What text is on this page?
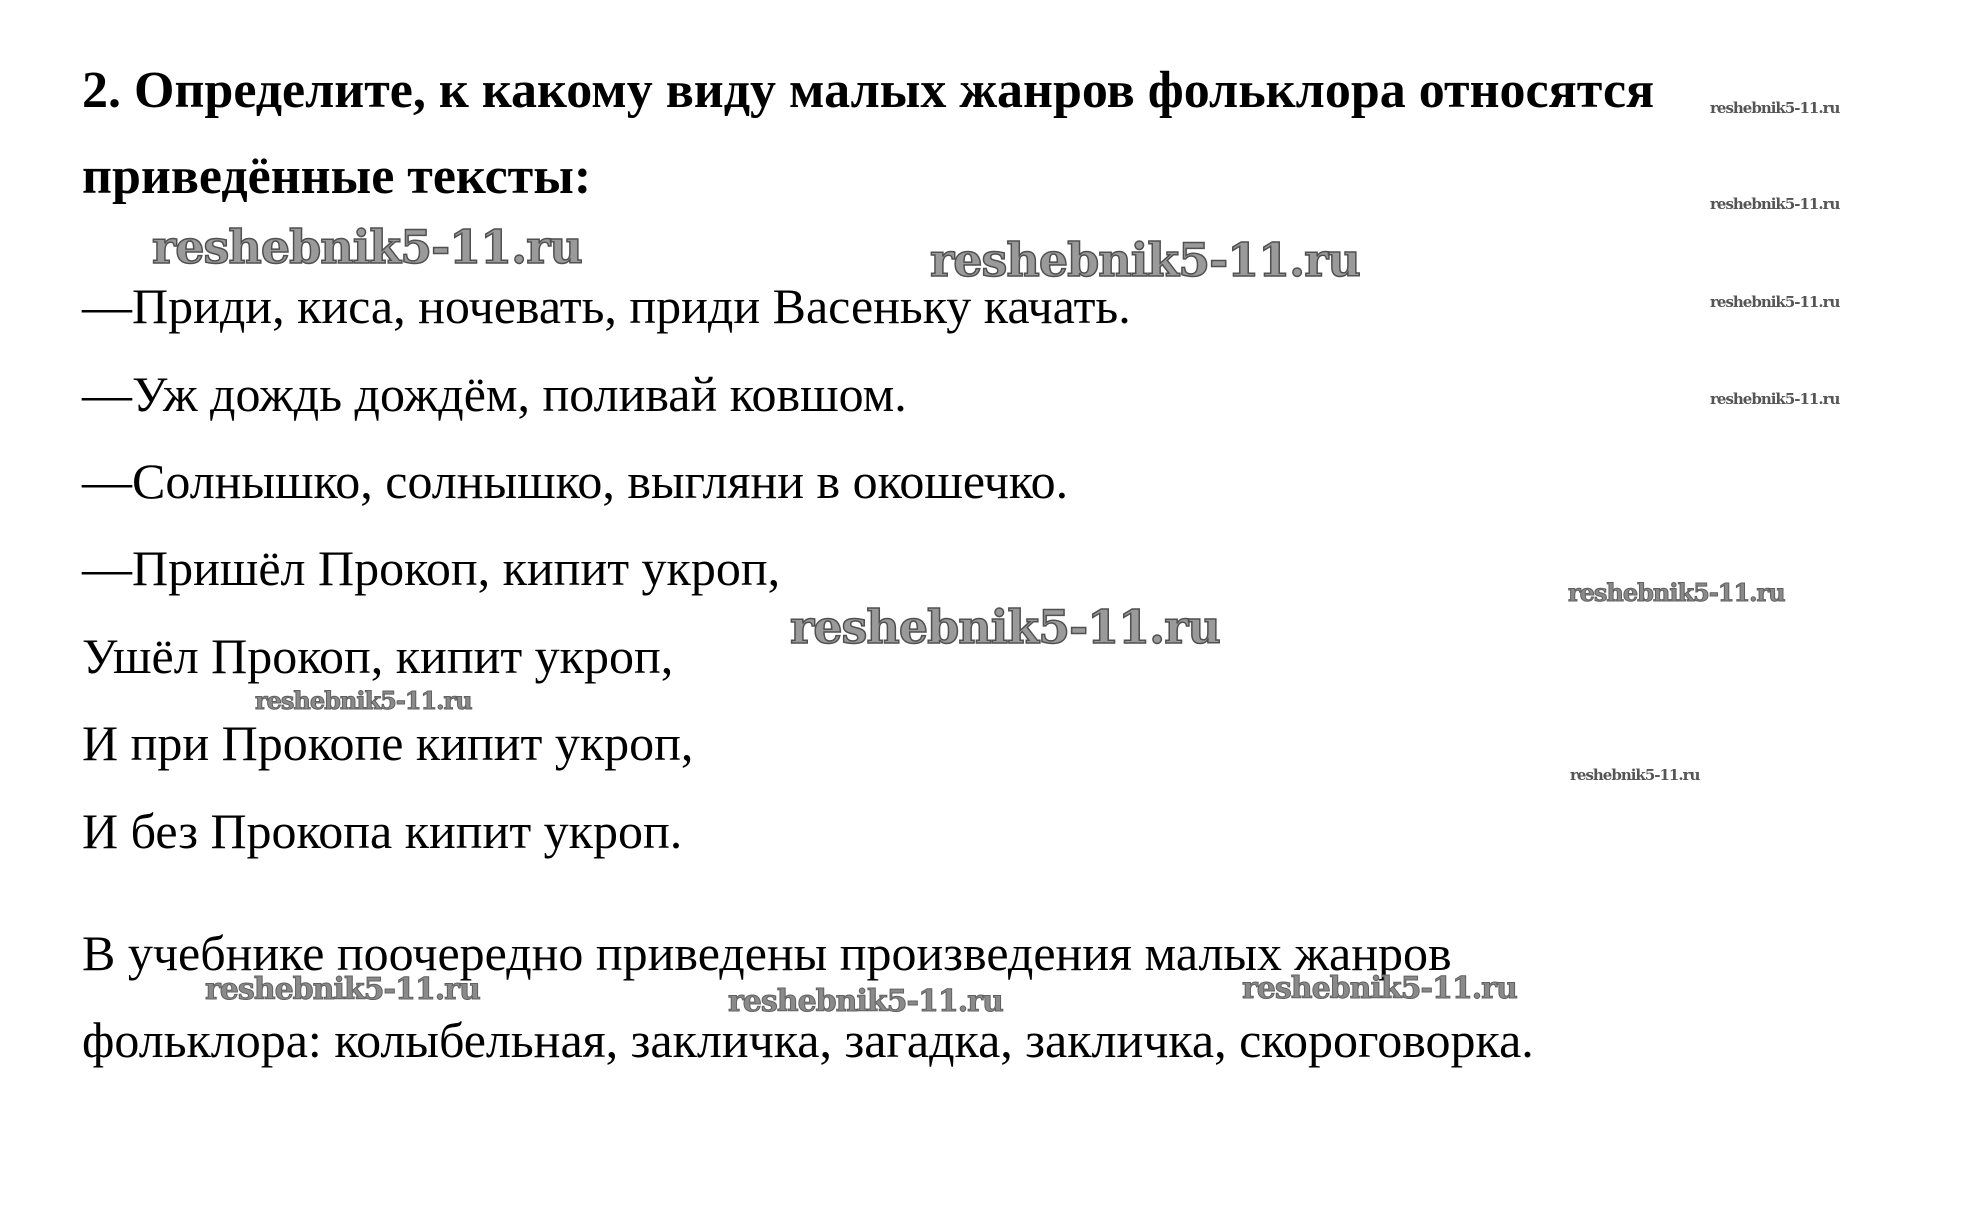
2. Определите, к какому виду малых жанров фольклора относятся приведённые тексты:

—Приди, киса, ночевать, приди Васеньку качать.

—Уж дождь дождём, поливай ковшом.

—Солнышко, солнышко, выгляни в окошечко.

—Пришёл Прокоп, кипит укроп,

Ушёл Прокоп, кипит укроп,

И при Прокопе кипит укроп,

И без Прокопа кипит укроп.

В учебнике поочередно приведены произведения малых жанров

фольклора: колыбельная, закличка, загадка, закличка, скороговорка.

reshebnik5-11.ru	reshebnik5-11.ru
reshebnik5-11.ru
reshebnik5-11.ru	reshebnik5-11.ru	reshebnik5-11.ru
reshebnik5-11.ru
reshebnik5-11.ru
reshebnik5-11.ru
reshebnik5-11.ru
reshebnik5-11.ru
reshebnik5-11.ru
reshebnik5-11.ru
